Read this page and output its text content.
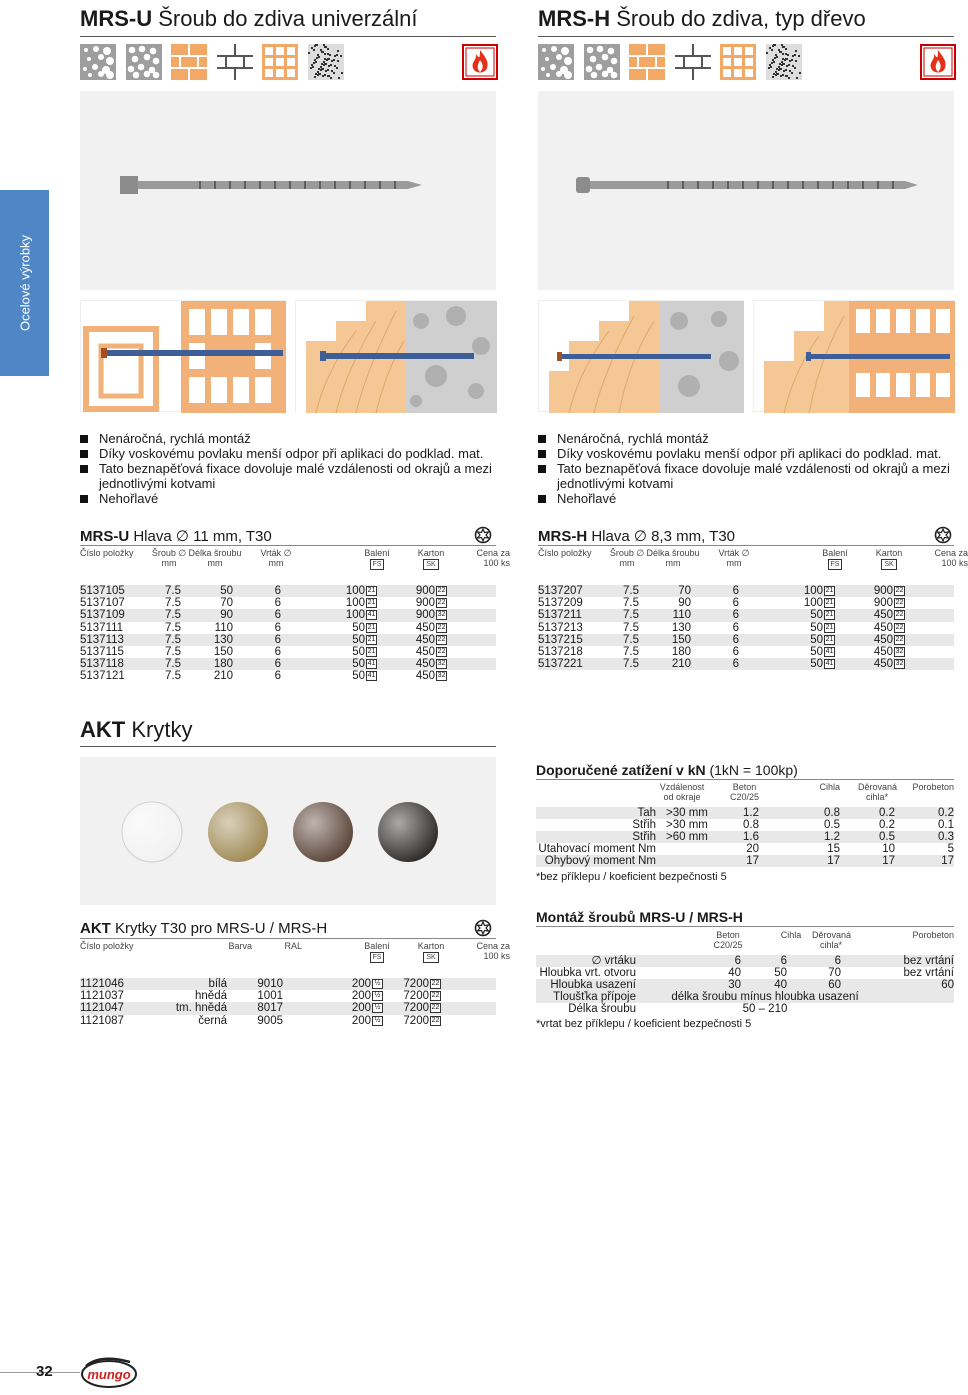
MRS-U Šroub do zdiva univerzální	MRS-H Šroub do zdiva, typ dřevo
Ocelové výrobky
Nenáročná, rychlá montáž
Díky voskovému povlaku menší odpor při aplikaci do podklad. mat.
Tato beznapěťová fixace dovoluje malé vzdálenosti od okrajů a mezi jednotlivými kotvami
Nehořlavé
Nenáročná, rychlá montáž
Díky voskovému povlaku menší odpor při aplikaci do podklad. mat.
Tato beznapěťová fixace dovoluje malé vzdálenosti od okrajů a mezi jednotlivými kotvami
Nehořlavé
MRS-U Hlava ∅ 11 mm, T30
Číslo položky	Šroub ∅
mm
Délka šroubu
mm
Vrták ∅
mm
Balení
FS
Karton
SK
Cena za
100 ks
5137105	7.5	50	6	100 21	900 22	
5137107	7.5	70	6	100 21	900 22	
5137109	7.5	90	6	100 41	900 32	
5137111	7.5	110	6	50 21	450 22	
5137113	7.5	130	6	50 21	450 22	
5137115	7.5	150	6	50 21	450 22	
5137118	7.5	180	6	50 41	450 32	
5137121	7.5	210	6	50 41	450 32	
MRS-H Hlava ∅ 8,3 mm, T30
Číslo položky	Šroub ∅
mm
Délka šroubu
mm
Vrták ∅
mm
Balení
FS
Karton
SK
Cena za
100 ks
5137207	7.5	70	6	100 21	900 22	
5137209	7.5	90	6	100 21	900 22	
5137211	7.5	110	6	50 21	450 22	
5137213	7.5	130	6	50 21	450 22	
5137215	7.5	150	6	50 21	450 22	
5137218	7.5	180	6	50 41	450 32	
5137221	7.5	210	6	50 41	450 32	
AKT Krytky
AKT Krytky T30 pro MRS-U / MRS-H
Číslo položky	Barva	RAL	Balení
FS
Karton
SK
Cena za
100 ks
1121046	bílá	9010	200 ½	7200 22	
1121037	hnědá	1001	200 ½	7200 22	
1121047	tm. hnědá	8017	200 ½	7200 22	
1121087	černá	9005	200 ½	7200 22	
Doporučené zatížení v kN (1kN = 100kp)
Vzdálenost od okraje
Beton C20/25
Cihla Děrovaná cihla*
Porobeton
Tah	>30 mm	1.2	0.8	0.2	0.2
Střih	>30 mm	0.8	0.5	0.2	0.1
Střih	>60 mm	1.6	1.2	0.5	0.3
Utahovací moment Nm		20	15	10	5
Ohybový moment Nm		17	17	17	17
*bez příklepu / koeficient bezpečnosti 5
Montáž šroubů MRS-U / MRS-H
Beton C20/25
Cihla	Děrovaná cihla*
Porobeton
∅ vrtáku	6	6	6	bez vrtání
Hloubka vrt. otvoru	40	50	70	bez vrtání
Hloubka usazení	30	40	60	60
Tloušťka přípoje	délka šroubu mínus hloubka usazení			
Délka šroubu	50 – 210			
*vrtat bez příklepu / koeficient bezpečnosti 5
32	mungo
